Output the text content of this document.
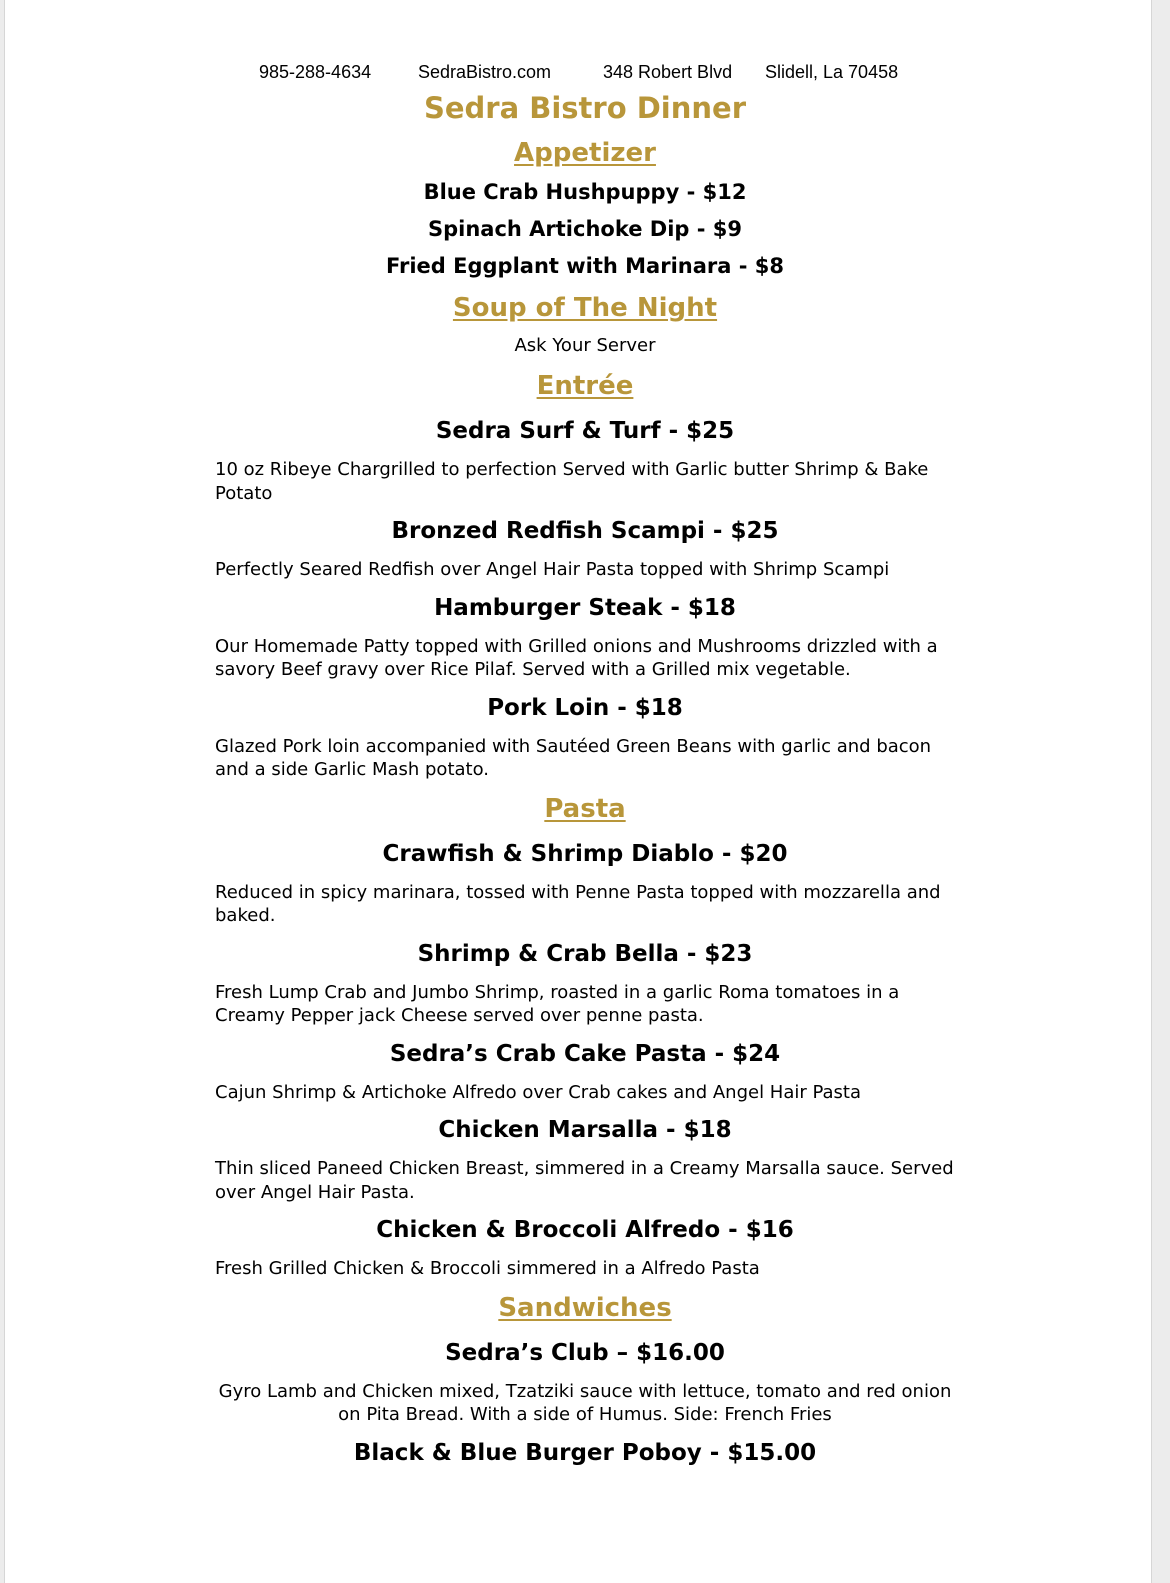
985-288-4634	SedraBistro.com	348 Robert Blvd Slidell, La 70458
Sedra Bistro Dinner
Appetizer
Blue Crab Hushpuppy - $12
Spinach Artichoke Dip - $9
Fried Eggplant with Marinara - $8
Soup of The Night
Ask Your Server
Entrée
Sedra Surf & Turf - $25
10 oz Ribeye Chargrilled to perfection Served with Garlic butter Shrimp & Bake Potato
Bronzed Redfish Scampi - $25
Perfectly Seared Redfish over Angel Hair Pasta topped with Shrimp Scampi
Hamburger Steak - $18
Our Homemade Patty topped with Grilled onions and Mushrooms drizzled with a savory Beef gravy over Rice Pilaf. Served with a Grilled mix vegetable.
Pork Loin - $18
Glazed Pork loin accompanied with Sautéed Green Beans with garlic and bacon and a side Garlic Mash potato.
Pasta
Crawfish & Shrimp Diablo - $20
Reduced in spicy marinara, tossed with Penne Pasta topped with mozzarella and baked.
Shrimp & Crab Bella - $23
Fresh Lump Crab and Jumbo Shrimp, roasted in a garlic Roma tomatoes in a Creamy Pepper jack Cheese served over penne pasta.
Sedra’s Crab Cake Pasta - $24
Cajun Shrimp & Artichoke Alfredo over Crab cakes and Angel Hair Pasta
Chicken Marsalla - $18
Thin sliced Paneed Chicken Breast, simmered in a Creamy Marsalla sauce. Served over Angel Hair Pasta.
Chicken & Broccoli Alfredo - $16
Fresh Grilled Chicken & Broccoli simmered in a Alfredo Pasta
Sandwiches
Sedra’s Club – $16.00
Gyro Lamb and Chicken mixed, Tzatziki sauce with lettuce, tomato and red onion on Pita Bread. With a side of Humus. Side: French Fries
Black & Blue Burger Poboy - $15.00
